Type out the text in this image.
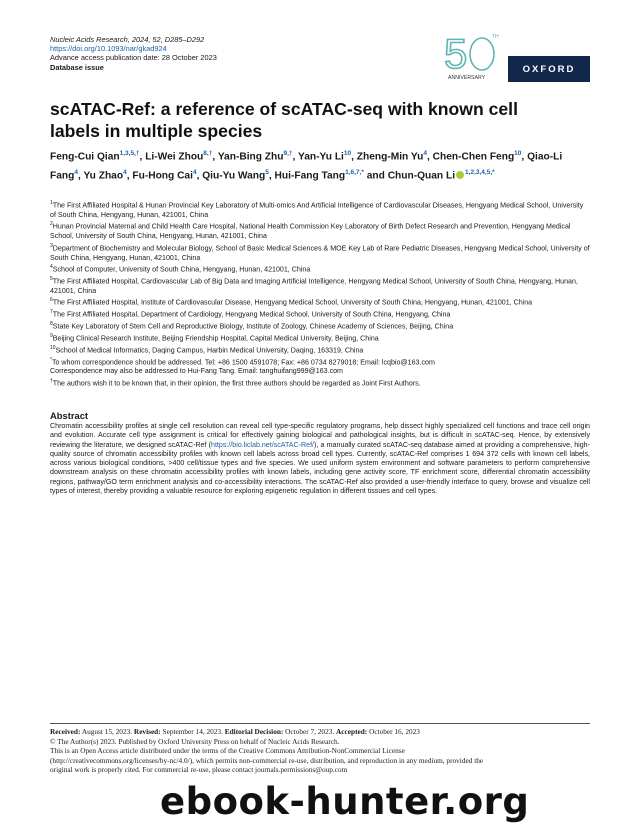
Nucleic Acids Research, 2024, 52, D285–D292
https://doi.org/10.1093/nar/gkad924
Advance access publication date: 28 October 2023
Database issue	5	TH
ANNIVERSARY
OXFORD
scATAC-Ref: a reference of scATAC-seq with known cell labels in multiple species
Feng-Cui Qian$^{1,3,5,\dagger}$, Li-Wei Zhou$^{8,\dagger}$, Yan-Bing Zhu$^{9,\dagger}$, Yan-Yu Li$^{10}$, Zheng-Min Yu$^4$, Chen-Chen Feng$^{10}$, Qiao-Li Fang$^4$, Yu Zhao$^4$, Fu-Hong Cai$^4$, Qiu-Yu Wang$^5$, Hui-Fang Tang$^{1,6,7,*}$ and Chun-Quan Li $^{1,2,3,4,5,*}$
$^1$The First Affiliated Hospital & Hunan Provincial Key Laboratory of Multi-omics And Artificial Intelligence of Cardiovascular Diseases, Hengyang Medical School, University of South China, Hengyang, Hunan, 421001, China
$^2$Hunan Provincial Maternal and Child Health Care Hospital, National Health Commission Key Laboratory of Birth Defect Research and Prevention, Hengyang Medical School, University of South China, Hengyang, Hunan, 421001, China
$^3$Department of Biochemistry and Molecular Biology, School of Basic Medical Sciences & MOE Key Lab of Rare Pediatric Diseases, Hengyang Medical School, University of South China, Hengyang, Hunan, 421001, China
$^4$School of Computer, University of South China, Hengyang, Hunan, 421001, China
$^5$The First Affiliated Hospital, Cardiovascular Lab of Big Data and Imaging Artificial Intelligence, Hengyang Medical School, University of South China, Hengyang, Hunan, 421001, China
$^6$The First Affiliated Hospital, Institute of Cardiovascular Disease, Hengyang Medical School, University of South China, Hengyang, Hunan, 421001, China
$^7$The First Affiliated Hospital, Department of Cardiology, Hengyang Medical School, University of South China, Hengyang, China
$^8$State Key Laboratory of Stem Cell and Reproductive Biology, Institute of Zoology, Chinese Academy of Sciences, Beijing, China
$^9$Beijing Clinical Research Institute, Beijing Friendship Hospital, Capital Medical University, Beijing, China
$^{10}$School of Medical Informatics, Daqing Campus, Harbin Medical University, Daqing, 163319, China
*To whom correspondence should be addressed. Tel: +86 1500 4591078; Fax: +86 0734 8279018; Email: lcqbio@163.com
Correspondence may also be addressed to Hui-Fang Tang. Email: tanghuifang999@163.com
†The authors wish it to be known that, in their opinion, the first three authors should be regarded as Joint First Authors.
Abstract
Chromatin accessibility profiles at single cell resolution can reveal cell type-specific regulatory programs, help dissect highly specialized cell functions and trace cell origin and evolution. Accurate cell type assignment is critical for effectively gaining biological and pathological insights, but is difficult in scATAC-seq. Hence, by extensively reviewing the literature, we designed scATAC-Ref (https://bio.liclab.net/scATAC-Ref/), a manually curated scATAC-seq database aimed at providing a comprehensive, high-quality source of chromatin accessibility profiles with known cell labels across broad cell types. Currently, scATAC-Ref comprises 1 694 372 cells with known cell labels, across various biological conditions, >400 cell/tissue types and five species. We used uniform system environment and software parameters to perform comprehensive downstream analysis on these chromatin accessibility profiles with known labels, including gene activity score, TF enrichment score, differential chromatin accessibility regions, pathway/GO term enrichment analysis and co-accessibility interactions. The scATAC-Ref also provided a user-friendly interface to query, browse and visualize cell types of interest, thereby providing a valuable resource for exploring epigenetic regulation in different tissues and cell types.
Received: August 15, 2023. Revised: September 14, 2023. Editorial Decision: October 7, 2023. Accepted: October 16, 2023
© The Author(s) 2023. Published by Oxford University Press on behalf of Nucleic Acids Research.
This is an Open Access article distributed under the terms of the Creative Commons Attribution-NonCommercial License
(http://creativecommons.org/licenses/by-nc/4.0/), which permits non-commercial re-use, distribution, and reproduction in any medium, provided the
original work is properly cited. For commercial re-use, please contact journals.permissions@oup.com
ebook-hunter.org
